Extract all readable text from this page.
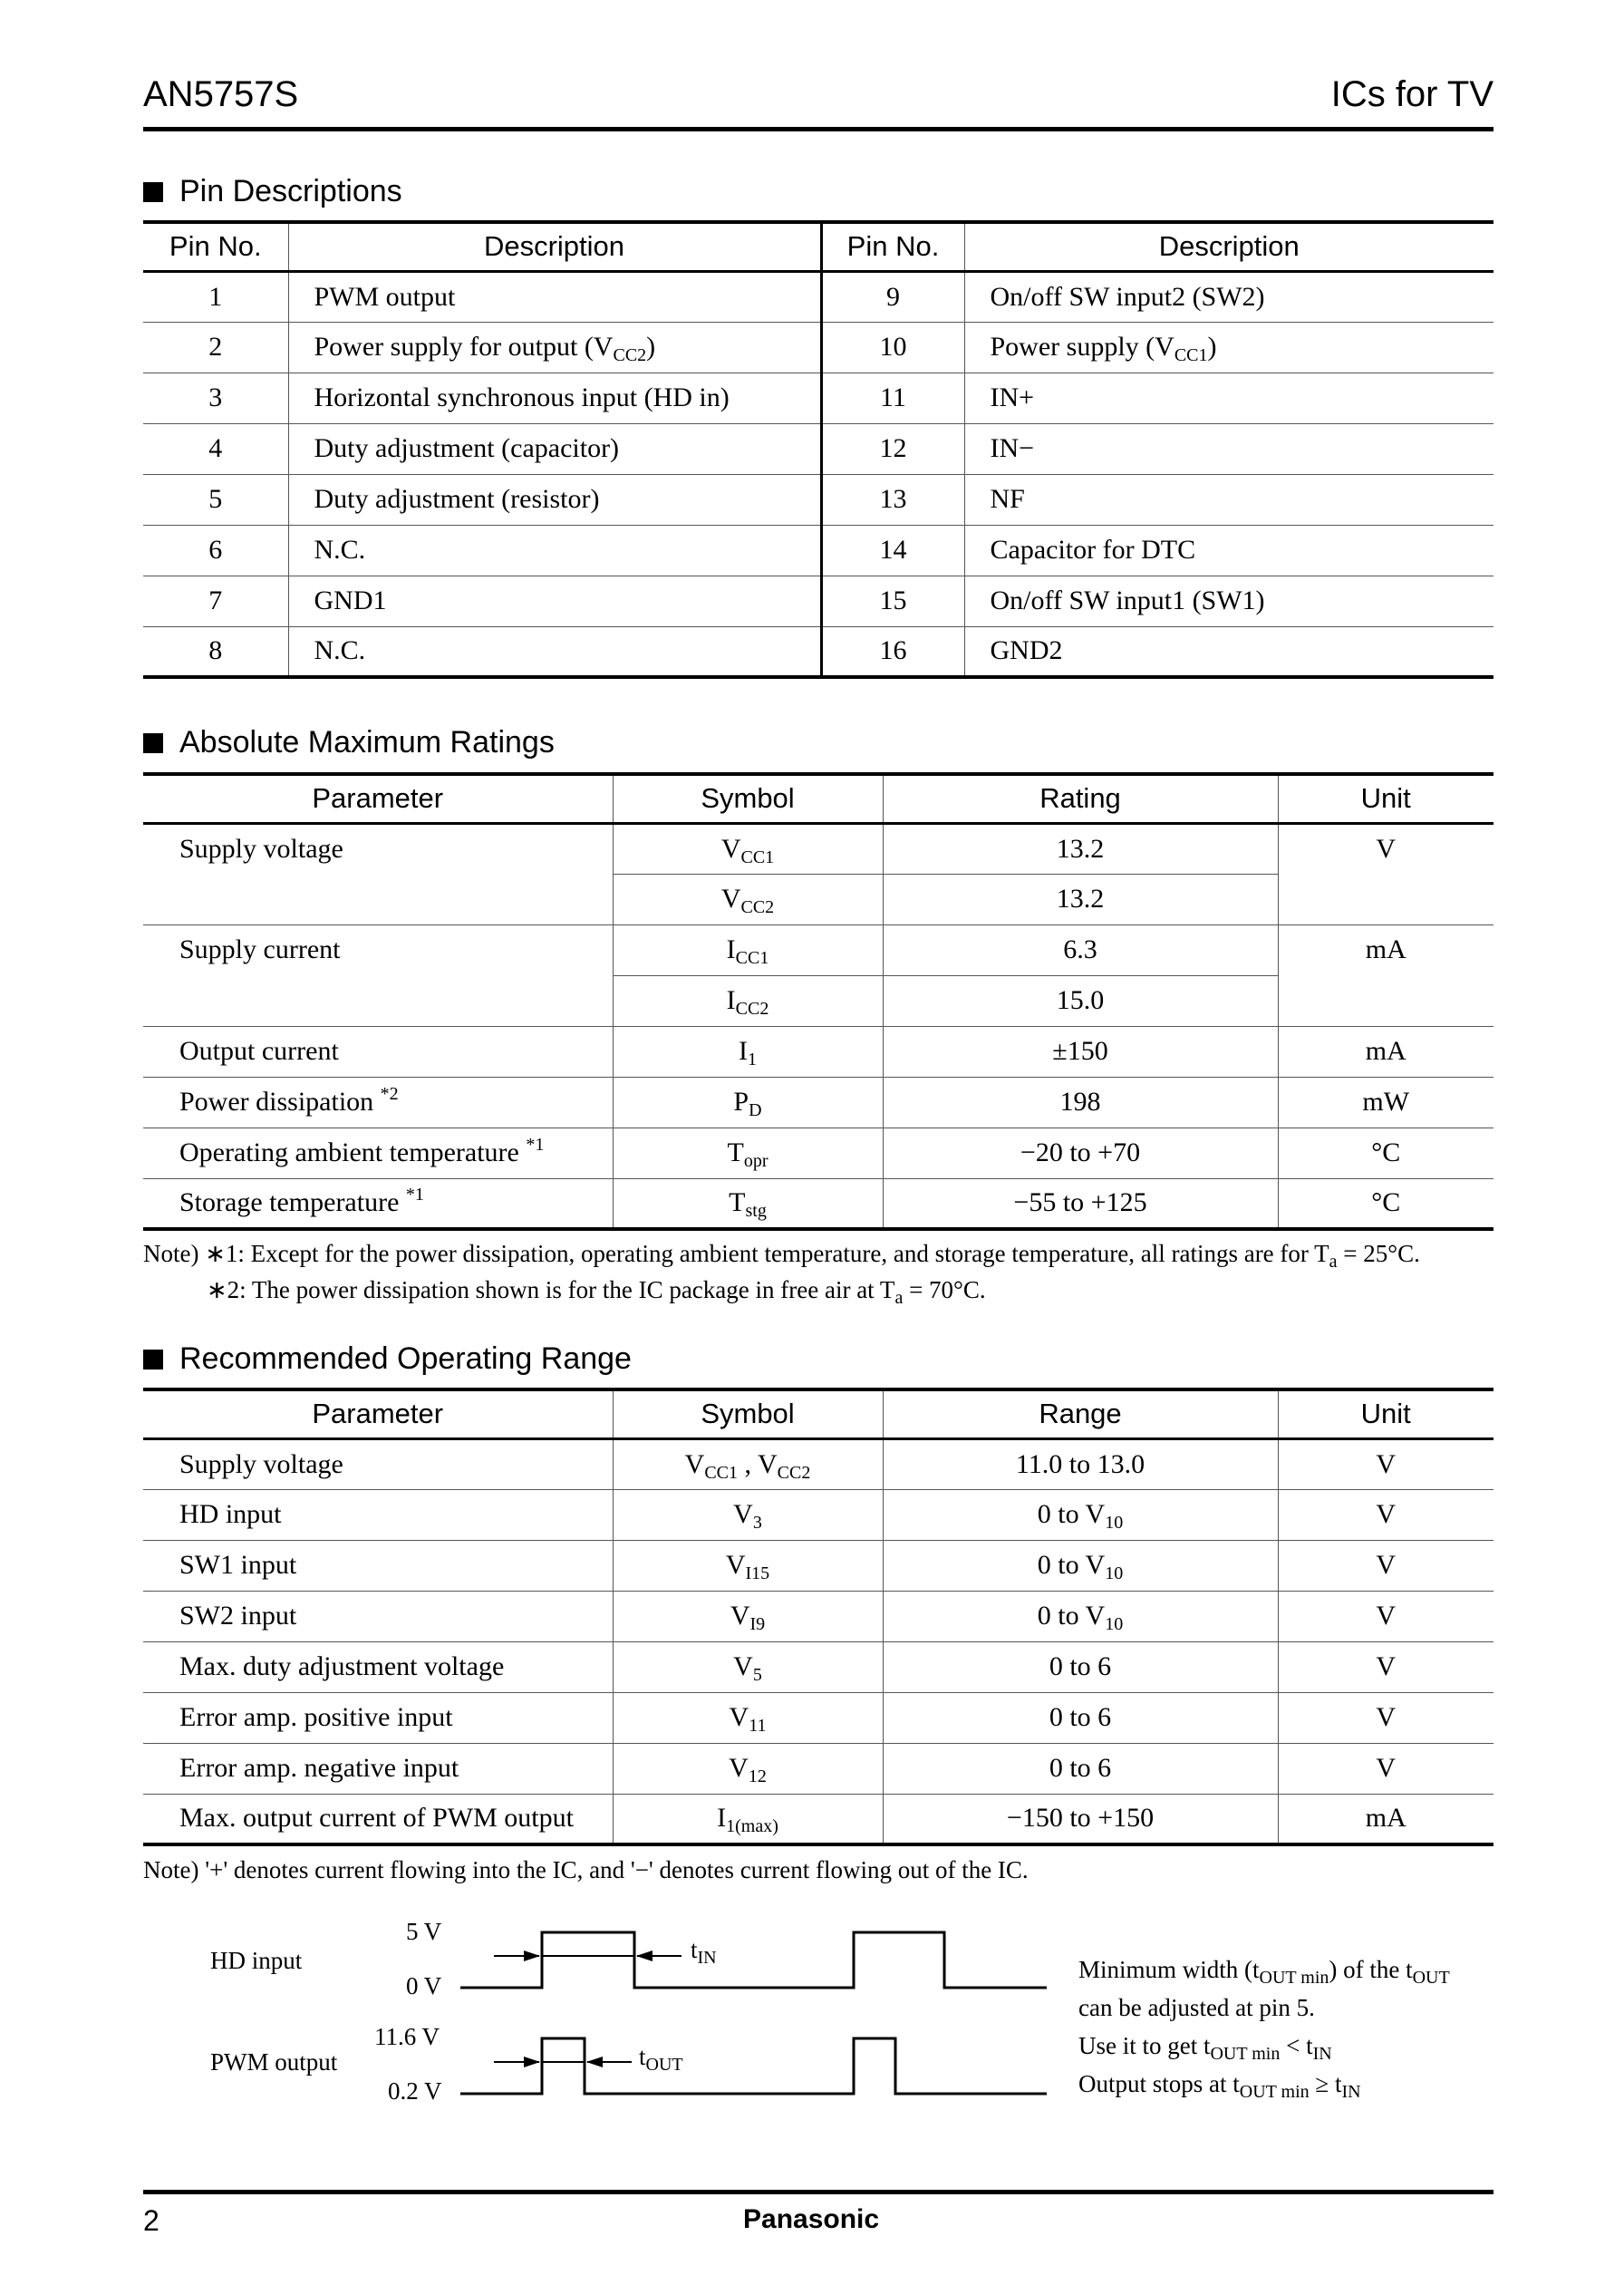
AN5757S	ICs for TV
Pin Descriptions
Pin No.	Description	Pin No.	Description
1	PWM output	9	On/off SW input2 (SW2)
2	Power supply for output $(V_{CC2})$	10	Power supply $(V_{CC1})$
3	Horizontal synchronous input (HD in)	11	IN+
4	Duty adjustment (capacitor)	12	IN−
5	Duty adjustment (resistor)	13	NF
6	N.C.	14	Capacitor for DTC
7	GND1	15	On/off SW input1 (SW1)
8	N.C.	16	GND2
Absolute Maximum Ratings
Parameter	Symbol	Rating	Unit
Supply voltage	$V_{CC1}$	13.2	V
	$V_{CC2}$	13.2	
Supply current	$I_{CC1}$	6.3	mA
	$I_{CC2}$	15.0	
Output current	$I_1$	±150	mA
Power dissipation $^{*2}$	$P_D$	198	mW
Operating ambient temperature $^{*1}$	$T_{opr}$	−20 to +70	°C
Storage temperature $^{*1}$	$T_{stg}$	−55 to +125	°C
Note) ∗1: Except for the power dissipation, operating ambient temperature, and storage temperature, all ratings are for $T_a = 25^\circ C$.
∗2: The power dissipation shown is for the IC package in free air at $T_a = 70^\circ C$.
Recommended Operating Range
Parameter	Symbol	Range	Unit
Supply voltage	$V_{CC1}$ , $V_{CC2}$	11.0 to 13.0	V
HD input	$V_3$	0 to $V_{10}$	V
SW1 input	$V_{I15}$	0 to $V_{10}$	V
SW2 input	$V_{I9}$	0 to $V_{10}$	V
Max. duty adjustment voltage	$V_5$	0 to 6	V
Error amp. positive input	$V_{11}$	0 to 6	V
Error amp. negative input	$V_{12}$	0 to 6	V
Max. output current of PWM output	$I_{1(max)}$	−150 to +150	mA
Note) '+' denotes current flowing into the IC, and '−' denotes current flowing out of the IC.
HD input
PWM output
5 V
0 V
11.6 V
0.2 V
$t_{IN}$
$t_{OUT}$
Minimum width $(t_{OUT min})$ of the $t_{OUT}$
can be adjusted at pin 5.
Use it to get $t_{OUT min} < t_{IN}$
Output stops at $t_{OUT min} \ge t_{IN}$
2	Panasonic
